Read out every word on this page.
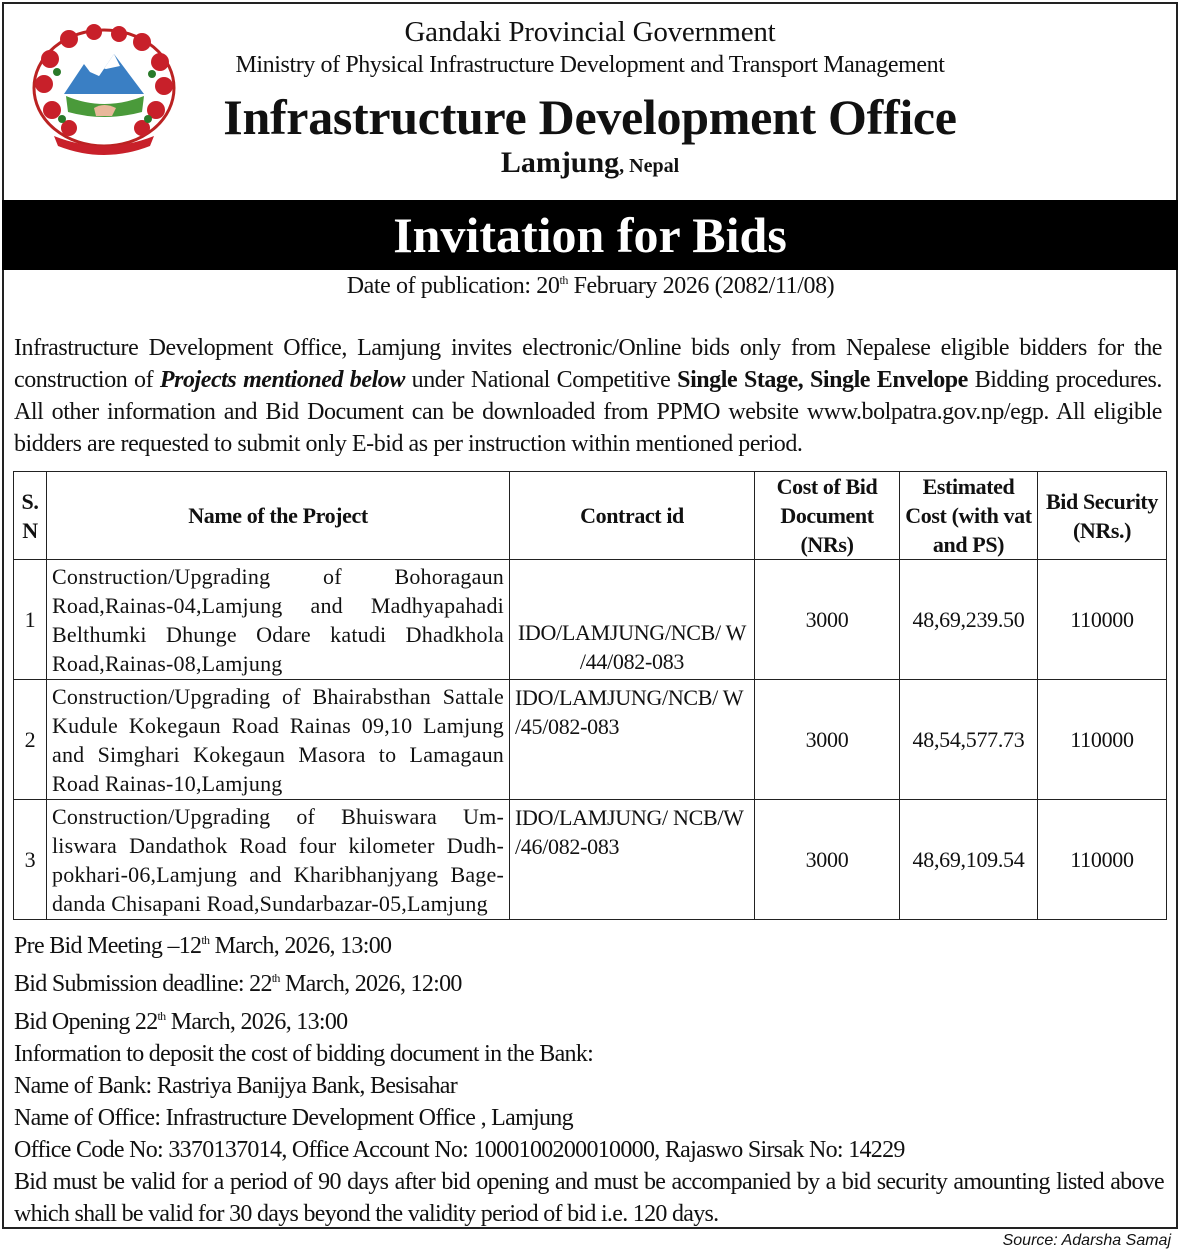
Gandaki Provincial Government
Ministry of Physical Infrastructure Development and Transport Management
Infrastructure Development Office
Lamjung, Nepal
Invitation for Bids
Date of publication: 20th February 2026 (2082/11/08)
Infrastructure Development Office, Lamjung invites electronic/Online bids only from Nepalese eligible bidders for the construction of Projects mentioned below under National Competitive Single Stage, Single Envelope Bidding procedures. All other information and Bid Document can be downloaded from PPMO website www.bolpatra.gov.np/egp. All eligible bidders are requested to submit only E-bid as per instruction within mentioned period.
S. N	Name of the Project	Contract id	Cost of Bid Document (NRs)	Estimated Cost (with vat and PS)	Bid Security (NRs.)
1	Construction/Upgrading of Bohoragaun Road,Rainas-04,Lamjung and Madhyapahadi Belthumki Dhunge Odare katudi Dhadkhola Road,Rainas-08,Lamjung	IDO/LAMJUNG/NCB/ W /44/082-083	3000	48,69,239.50	110000
2	Construction/Upgrading of Bhairabsthan Sattale Kudule Kokegaun Road Rainas 09,10 Lamjung and Simghari Kokegaun Masora to Lamagaun Road Rainas-10,Lamjung	IDO/LAMJUNG/NCB/ W /45/082-083	3000	48,54,577.73	110000
3	Construction/Upgrading of Bhuiswara Um-liswara Dandathok Road four kilometer Dudh-pokhari-06,Lamjung and Kharibhanjyang Bage-danda Chisapani Road,Sundarbazar-05,Lamjung	IDO/LAMJUNG/ NCB/W /46/082-083	3000	48,69,109.54	110000
Pre Bid Meeting –12th March, 2026, 13:00
Bid Submission deadline: 22th March, 2026, 12:00
Bid Opening 22th March, 2026, 13:00
Information to deposit the cost of bidding document in the Bank:
Name of Bank: Rastriya Banijya Bank, Besisahar
Name of Office: Infrastructure Development Office , Lamjung
Office Code No: 3370137014, Office Account No: 1000100200010000, Rajaswo Sirsak No: 14229

Bid must be valid for a period of 90 days after bid opening and must be accompanied by a bid security amounting listed above which shall be valid for 30 days beyond the validity period of bid i.e. 120 days.

Source: Adarsha Samaj
